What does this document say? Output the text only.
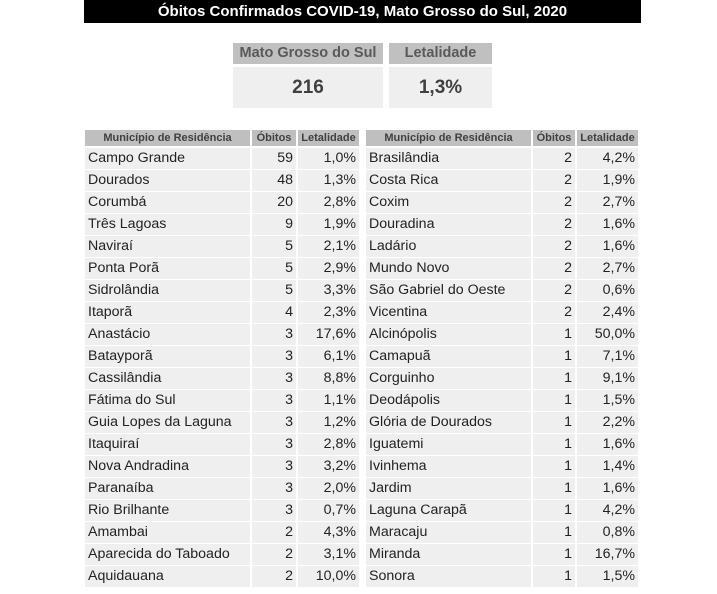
Óbitos Confirmados COVID-19, Mato Grosso do Sul, 2020
Mato Grosso do Sul	Letalidade
216	1,3%
Município de Residência	Óbitos	Letalidade
Campo Grande	59	1,0%
Dourados	48	1,3%
Corumbá	20	2,8%
Três Lagoas	9	1,9%
Naviraí	5	2,1%
Ponta Porã	5	2,9%
Sidrolândia	5	3,3%
Itaporã	4	2,3%
Anastácio	3	17,6%
Batayporã	3	6,1%
Cassilândia	3	8,8%
Fátima do Sul	3	1,1%
Guia Lopes da Laguna	3	1,2%
Itaquiraí	3	2,8%
Nova Andradina	3	3,2%
Paranaíba	3	2,0%
Rio Brilhante	3	0,7%
Amambai	2	4,3%
Aparecida do Taboado	2	3,1%
Aquidauana	2	10,0%
Município de Residência	Óbitos	Letalidade
Brasilândia	2	4,2%
Costa Rica	2	1,9%
Coxim	2	2,7%
Douradina	2	1,6%
Ladário	2	1,6%
Mundo Novo	2	2,7%
São Gabriel do Oeste	2	0,6%
Vicentina	2	2,4%
Alcinópolis	1	50,0%
Camapuã	1	7,1%
Corguinho	1	9,1%
Deodápolis	1	1,5%
Glória de Dourados	1	2,2%
Iguatemi	1	1,6%
Ivinhema	1	1,4%
Jardim	1	1,6%
Laguna Carapã	1	4,2%
Maracaju	1	0,8%
Miranda	1	16,7%
Sonora	1	1,5%
